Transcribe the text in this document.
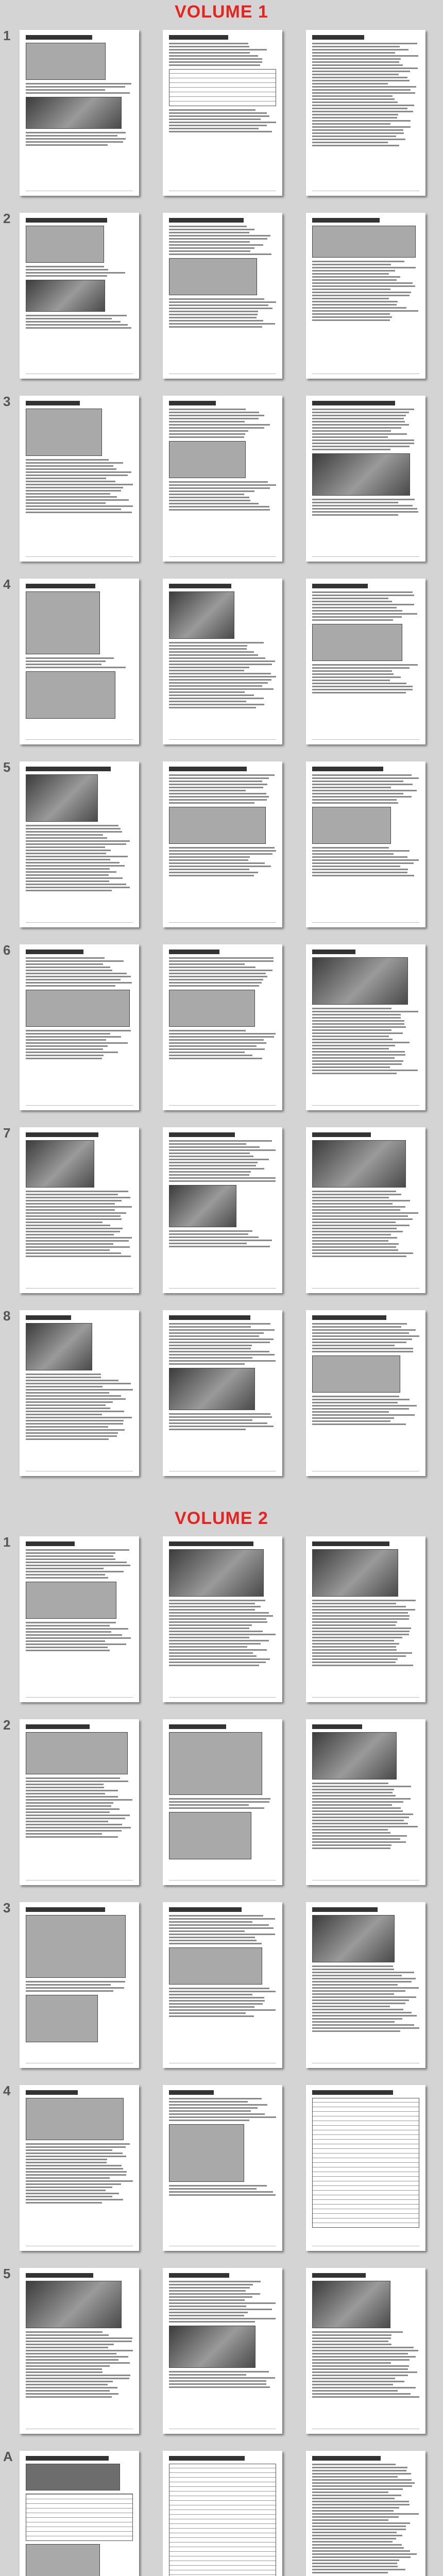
VOLUME 1
1
2
3
4
5
6
7
8
VOLUME 2
1
2
3
4
5
A
